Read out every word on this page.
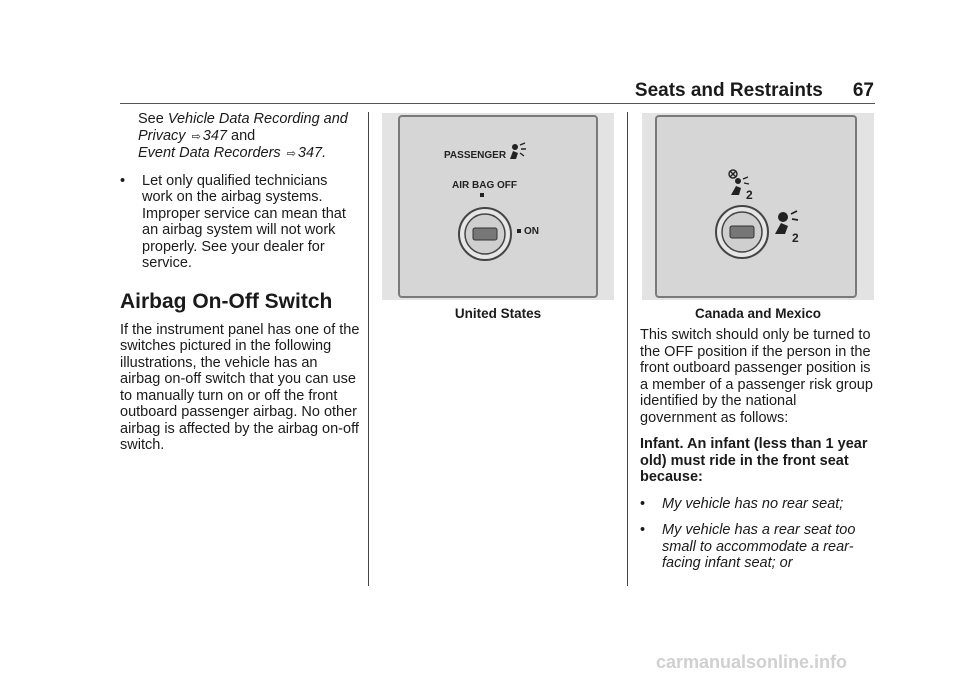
Seats and Restraints 67

See Vehicle Data Recording and
Privacy ⇨ 347 and
Event Data Recorders ⇨ 347.

• Let only qualified technicians work on the airbag systems. Improper service can mean that an airbag system will not work properly. See your dealer for service.
Airbag On-Off Switch

If the instrument panel has one of the switches pictured in the following illustrations, the vehicle has an airbag on-off switch that you can use to manually turn on or off the front outboard passenger airbag. No other airbag is affected by the airbag on-off switch.

PASSENGER
AIR BAG OFF
ON
United States
2
2
Canada and Mexico

This switch should only be turned to the OFF position if the person in the front outboard passenger position is a member of a passenger risk group identified by the national government as follows:

Infant. An infant (less than 1 year old) must ride in the front seat because:

• My vehicle has no rear seat;
• My vehicle has a rear seat too small to accommodate a rear-facing infant seat; or
carmanualsonline.info
